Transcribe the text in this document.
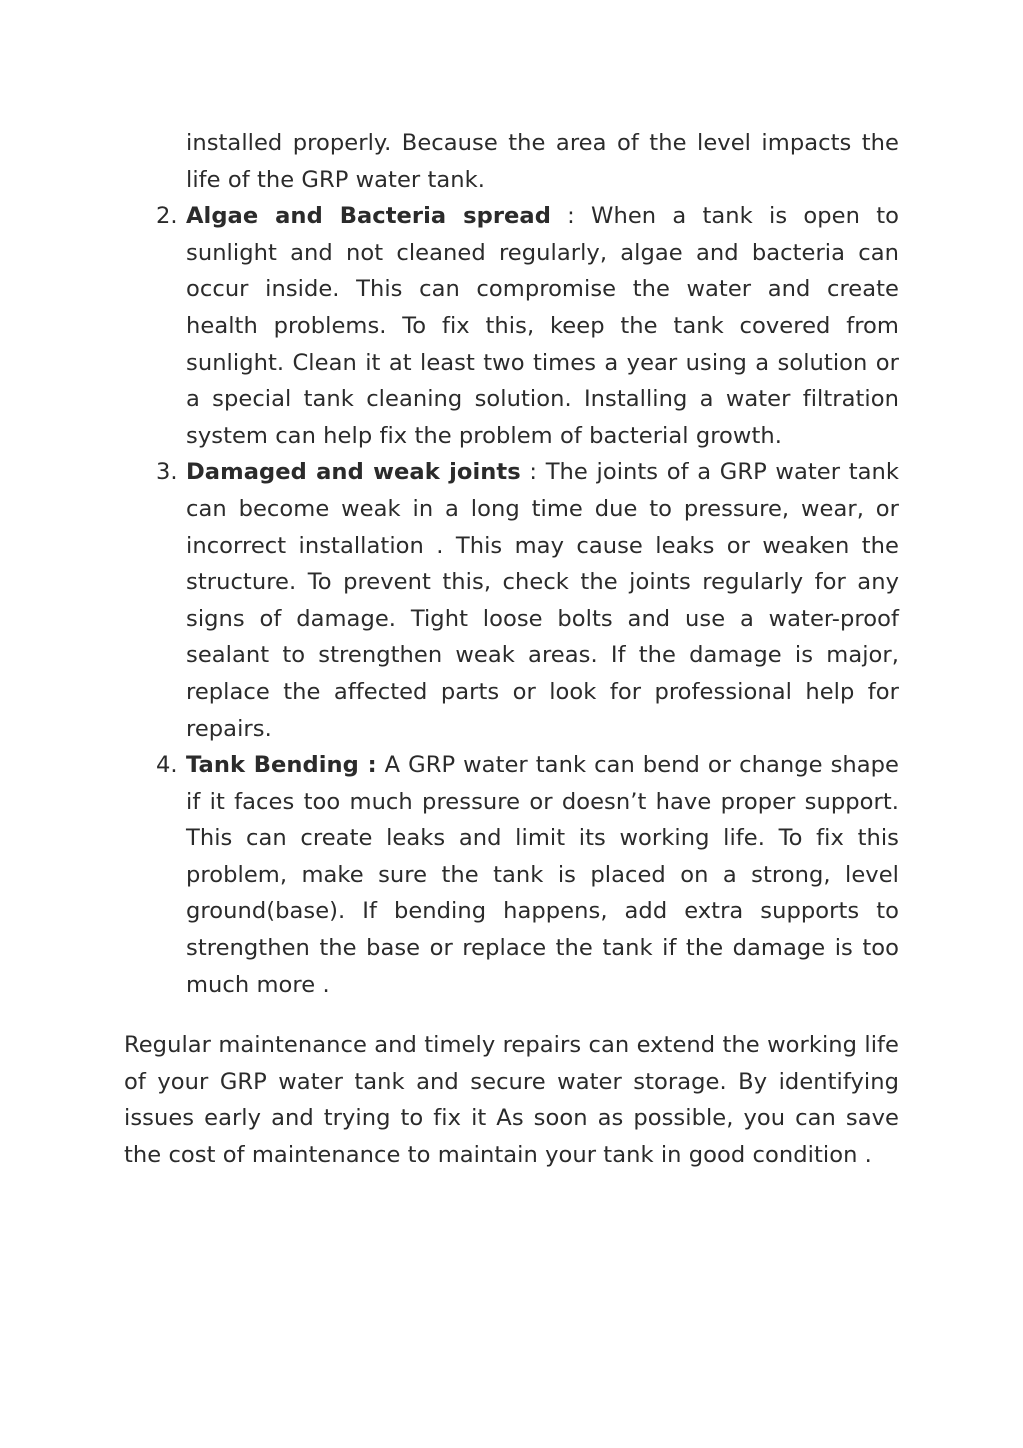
installed properly. Because the area of the level impacts the life of the GRP water tank.
2. Algae and Bacteria spread : When a tank is open to sunlight and not cleaned regularly, algae and bacteria can occur inside. This can compromise the water and create health problems. To fix this, keep the tank covered from sunlight. Clean it at least two times a year using a solution or a special tank cleaning solution. Installing a water filtration system can help fix the problem of bacterial growth.
3. Damaged and weak joints : The joints of a GRP water tank can become weak in a long time due to pressure, wear, or incorrect installation . This may cause leaks or weaken the structure. To prevent this, check the joints regularly for any signs of damage. Tight loose bolts and use a water-proof sealant to strengthen weak areas. If the damage is major, replace the affected parts or look for professional help for repairs.
4. Tank Bending : A GRP water tank can bend or change shape if it faces too much pressure or doesn’t have proper support. This can create leaks and limit its working life. To fix this problem, make sure the tank is placed on a strong, level ground(base). If bending happens, add extra supports to strengthen the base or replace the tank if the damage is too much more .

Regular maintenance and timely repairs can extend the working life of your GRP water tank and secure water storage. By identifying issues early and trying to fix it As soon as possible, you can save the cost of maintenance to maintain your tank in good condition .
